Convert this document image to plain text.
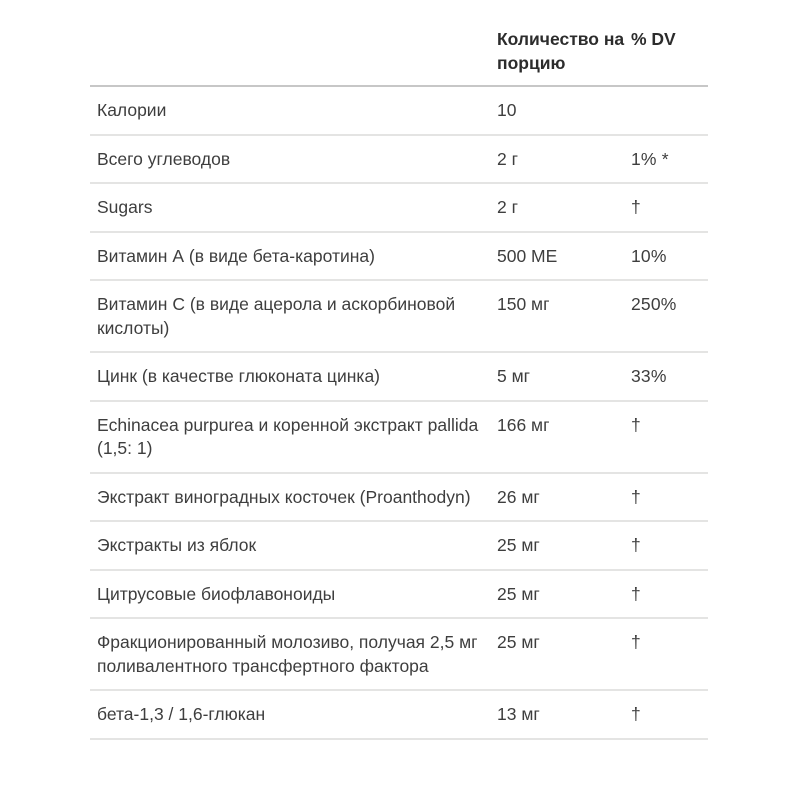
	Количество на порцию	% DV
Калории	10	
Всего углеводов	2 г	1% *
Sugars	2 г	†
Витамин А (в виде бета-каротина)	500 МЕ	10%
Витамин C (в виде ацерола и аскорбиновой кислоты)	150 мг	250%
Цинк (в качестве глюконата цинка)	5 мг	33%
Echinacea purpurea и коренной экстракт pallida (1,5: 1)	166 мг	†
Экстракт виноградных косточек (Proanthodyn)	26 мг	†
Экстракты из яблок	25 мг	†
Цитрусовые биофлавоноиды	25 мг	†
Фракционированный молозиво, получая 2,5 мг поливалентного трансфертного фактора	25 мг	†
бета-1,3 / 1,6-глюкан	13 мг	†
